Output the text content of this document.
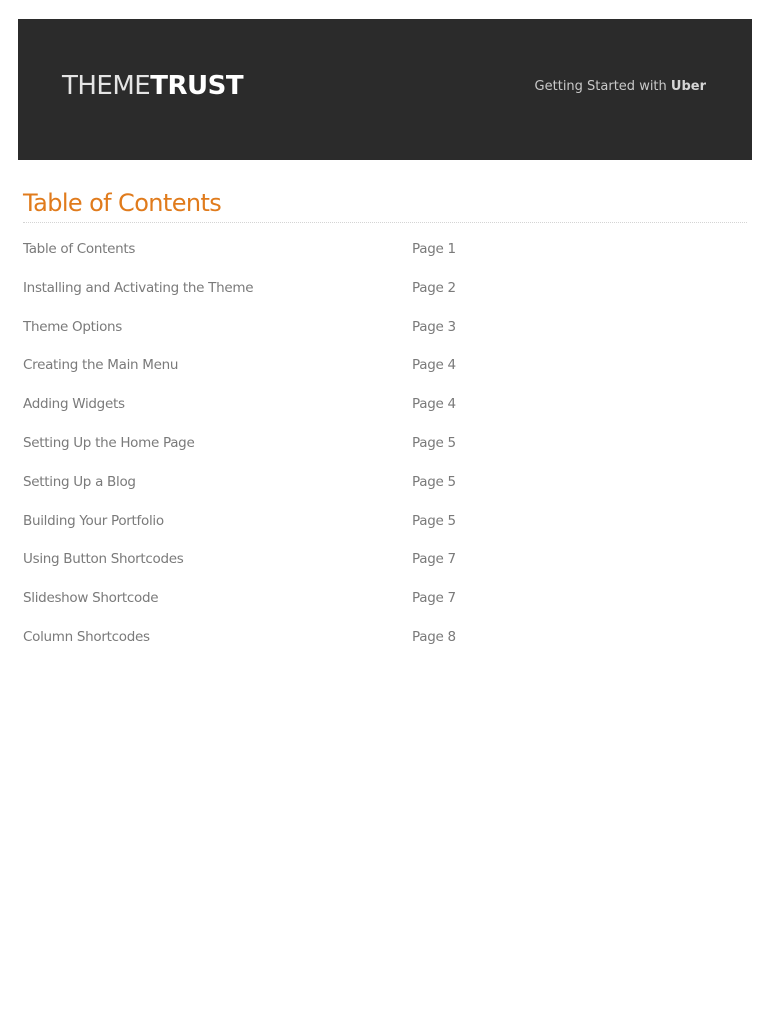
THEMETRUST	Getting Started with Uber
Table of Contents
Table of Contents	Page 1
Installing and Activating the Theme	Page 2
Theme Options	Page 3
Creating the Main Menu	Page 4
Adding Widgets	Page 4
Setting Up the Home Page	Page 5
Setting Up a Blog	Page 5
Building Your Portfolio	Page 5
Using Button Shortcodes	Page 7
Slideshow Shortcode	Page 7
Column Shortcodes	Page 8
